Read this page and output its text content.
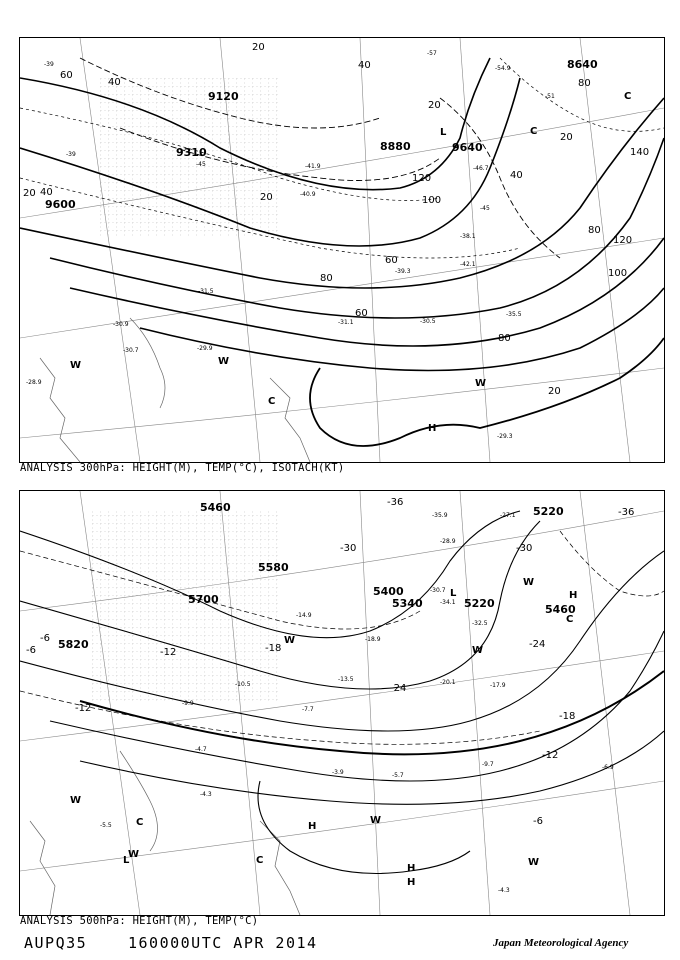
9120
9310
9600
8880
8640
9640
60
40
20
20
40
20
60
40
80
120
100
20
80
140
120
100
80
60
20
80
20
40
-39
-39
-45	-41.9
-40.9
-42.1
-39.3
-30.5
-31.1
-30.9
-29.9
-31.5
-28.9
-45
-51
-57
-54.9
-46.7
-38.1
-35.5
-30.7
-29.3
L
C
C
W	W
C
W
H
ANALYSIS 300hPa: HEIGHT(M), TEMP(°C), ISOTACH(KT)
5460
5700
5580
5820
5400
5340	5220
5220
5460
-36
-36
-30
-24
-18
-12
-6
-6	-12	-18
-24
-30
-12
-6
-35.9
-28.9
-30.7
-34.1
-32.5
-27.1
-18.9
-14.9
-13.5
-10.5
-9.9
-7.7
-5.7
-4.7
-3.9
-4.3
-5.5
-20.1	-17.9
-9.7	-6.9
-4.3
L	H
C
W
W
W
W
C	H
W
H
H
W
C
L
W
ANALYSIS 500hPa: HEIGHT(M), TEMP(°C)
AUPQ35	160000UTC APR 2014	Japan Meteorological Agency
